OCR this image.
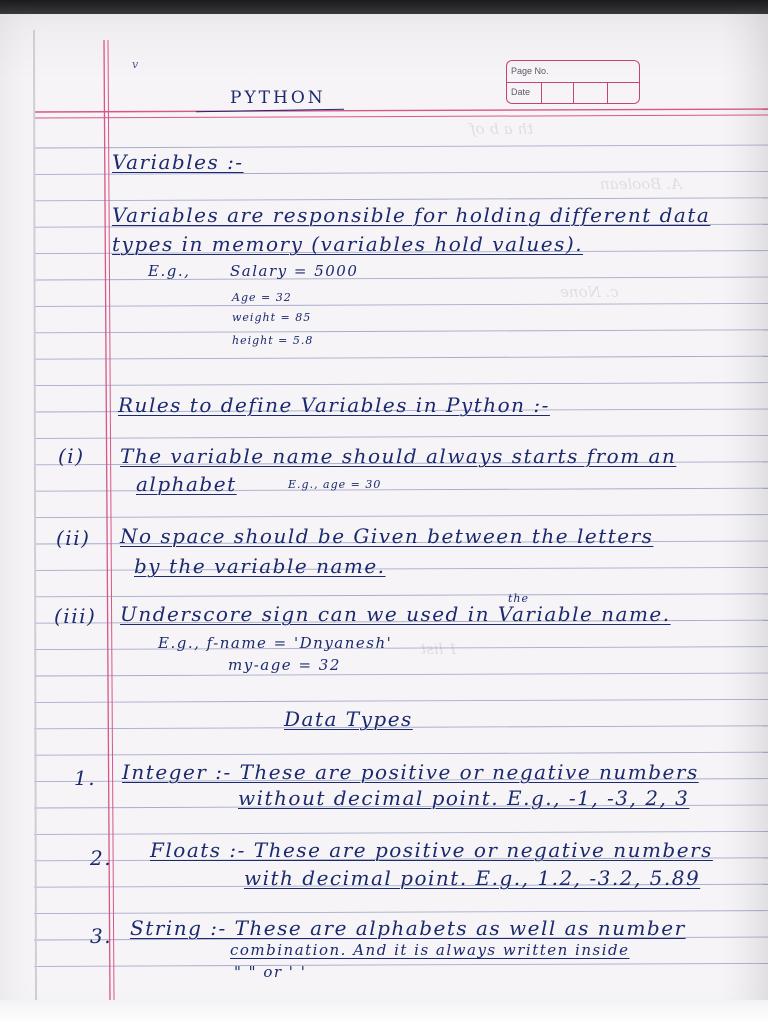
th a b of
A. Boolean
c. None
1 list
Page No.
Date
v
PYTHON
Variables :-
Variables are responsible for holding different data
types in memory (variables hold values).
E.g.,	Salary = 5000
Age = 32
weight = 85
height = 5.8
Rules to define Variables in Python :-
(i) The variable name should always starts from an
alphabet	E.g., age = 30
(ii) No space should be Given between the letters
by the variable name.
the
(iii) Underscore sign can we used in Variable name.
E.g., f-name = 'Dnyanesh'
my-age = 32
Data Types
1. Integer :- These are positive or negative numbers
without decimal point. E.g., -1, -3, 2, 3
2. Floats :- These are positive or negative numbers
with decimal point. E.g., 1.2, -3.2, 5.89
3. String :- These are alphabets as well as number
combination. And it is always written inside
" " or ' '
